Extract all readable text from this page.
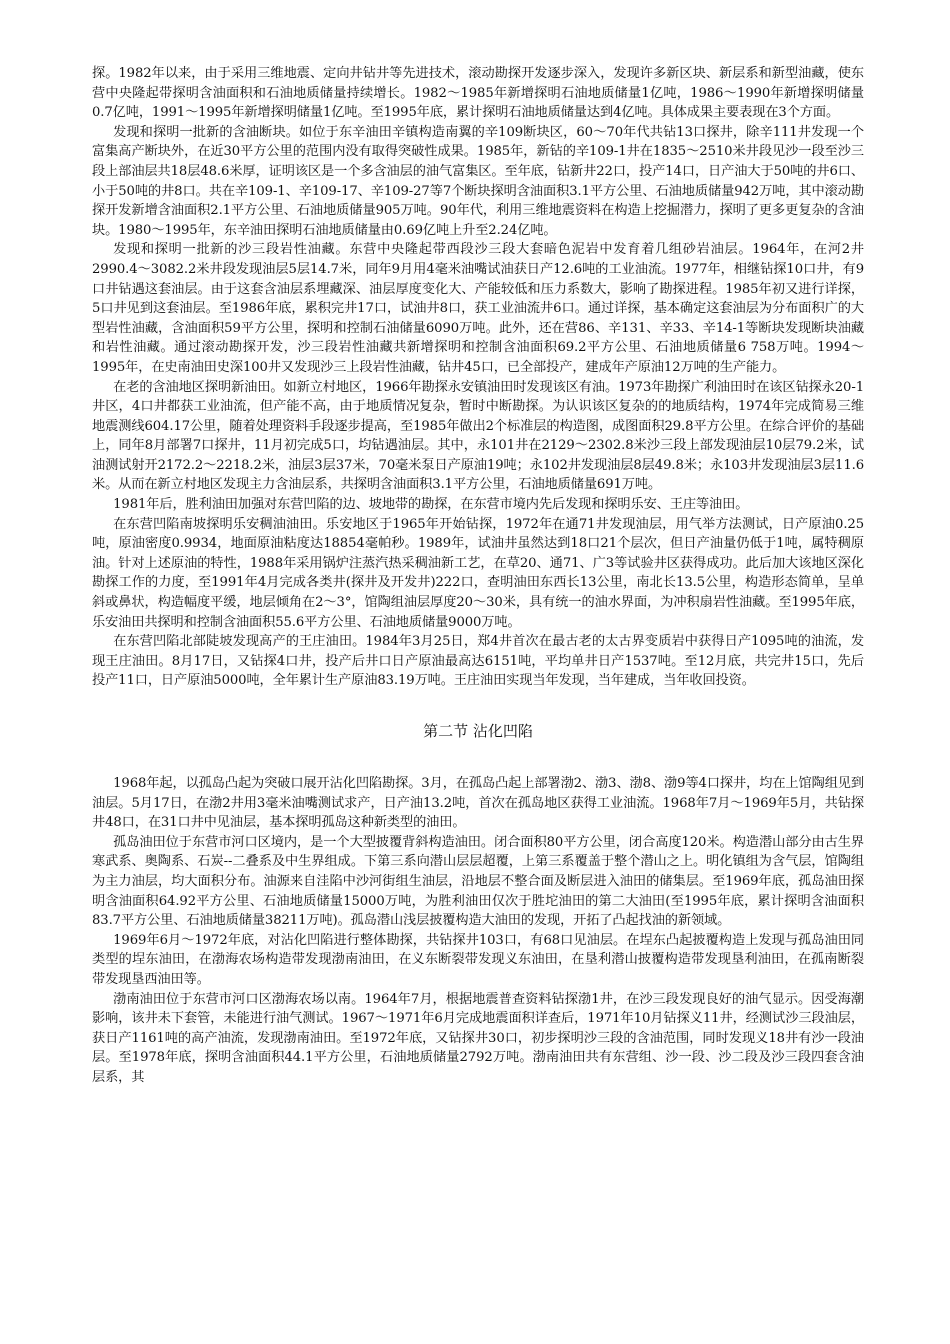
探。1982年以来，由于采用三维地震、定向井钻井等先进技术，滚动勘探开发逐步深入，发现许多新区块、新层系和新型油藏，使东营中央隆起带探明含油面积和石油地质储量持续增长。1982～1985年新增探明石油地质储量1亿吨，1986～1990年新增探明储量0.7亿吨，1991～1995年新增探明储量1亿吨。至1995年底，累计探明石油地质储量达到4亿吨。具体成果主要表现在3个方面。

发现和探明一批新的含油断块。如位于东辛油田辛镇构造南翼的辛109断块区，60～70年代共钻13口探井，除辛111井发现一个富集高产断块外，在近30平方公里的范围内没有取得突破性成果。1985年，新钻的辛109-1井在1835～2510米井段见沙一段至沙三段上部油层共18层48.6米厚，证明该区是一个多含油层的油气富集区。至年底，钻新井22口，投产14口，日产油大于50吨的井6口、小于50吨的井8口。共在辛109-1、辛109-17、辛109-27等7个断块探明含油面积3.1平方公里、石油地质储量942万吨，其中滚动勘探开发新增含油面积2.1平方公里、石油地质储量905万吨。90年代，利用三维地震资料在构造上挖掘潜力，探明了更多更复杂的含油块。1980～1995年，东辛油田探明石油地质储量由0.69亿吨上升至2.24亿吨。

发现和探明一批新的沙三段岩性油藏。东营中央隆起带西段沙三段大套暗色泥岩中发育着几组砂岩油层。1964年，在河2井2990.4～3082.2米井段发现油层5层14.7米，同年9月用4毫米油嘴试油获日产12.6吨的工业油流。1977年，相继钻探10口井，有9口井钻遇这套油层。由于这套含油层系埋藏深、油层厚度变化大、产能较低和压力系数大，影响了勘探进程。1985年初又进行详探，5口井见到这套油层。至1986年底，累积完井17口，试油井8口，获工业油流井6口。通过详探，基本确定这套油层为分布面积广的大型岩性油藏，含油面积59平方公里，探明和控制石油储量6090万吨。此外，还在营86、辛131、辛33、辛14-1等断块发现断块油藏和岩性油藏。通过滚动勘探开发，沙三段岩性油藏共新增探明和控制含油面积69.2平方公里、石油地质储量6 758万吨。1994～1995年，在史南油田史深100井又发现沙三上段岩性油藏，钻井45口，已全部投产，建成年产原油12万吨的生产能力。

在老的含油地区探明新油田。如新立村地区，1966年勘探永安镇油田时发现该区有油。1973年勘探广利油田时在该区钻探永20-1井区，4口井都获工业油流，但产能不高，由于地质情况复杂，暂时中断勘探。为认识该区复杂的的地质结构，1974年完成简易三维地震测线604.17公里，随着处理资料手段逐步提高，至1985年做出2个标准层的构造图，成图面积29.8平方公里。在综合评价的基础上，同年8月部署7口探井，11月初完成5口，均钻遇油层。其中，永101井在2129～2302.8米沙三段上部发现油层10层79.2米，试油测试射开2172.2～2218.2米，油层3层37米，70毫米泵日产原油19吨；永102井发现油层8层49.8米；永103井发现油层3层11.6米。从而在新立村地区发现主力含油层系，共探明含油面积3.1平方公里，石油地质储量691万吨。

1981年后，胜利油田加强对东营凹陷的边、坡地带的勘探，在东营市境内先后发现和探明乐安、王庄等油田。

在东营凹陷南坡探明乐安稠油油田。乐安地区于1965年开始钻探，1972年在通71井发现油层，用气举方法测试，日产原油0.25吨，原油密度0.9934，地面原油粘度达18854毫帕秒。1989年，试油井虽然达到18口21个层次，但日产油量仍低于1吨，属特稠原油。针对上述原油的特性，1988年采用锅炉注蒸汽热采稠油新工艺，在草20、通71、广3等试验井区获得成功。此后加大该地区深化勘探工作的力度，至1991年4月完成各类井(探井及开发井)222口，查明油田东西长13公里，南北长13.5公里，构造形态简单，呈单斜或鼻状，构造幅度平缓，地层倾角在2～3°，馆陶组油层厚度20～30米，具有统一的油水界面，为冲积扇岩性油藏。至1995年底，乐安油田共探明和控制含油面积55.6平方公里、石油地质储量9000万吨。

在东营凹陷北部陡坡发现高产的王庄油田。1984年3月25日，郑4井首次在最古老的太古界变质岩中获得日产1095吨的油流，发现王庄油田。8月17日，又钻探4口井，投产后井口日产原油最高达6151吨，平均单井日产1537吨。至12月底，共完井15口，先后投产11口，日产原油5000吨，全年累计生产原油83.19万吨。王庄油田实现当年发现，当年建成，当年收回投资。

第二节 沾化凹陷

1968年起，以孤岛凸起为突破口展开沾化凹陷勘探。3月，在孤岛凸起上部署渤2、渤3、渤8、渤9等4口探井，均在上馆陶组见到油层。5月17日，在渤2井用3毫米油嘴测试求产，日产油13.2吨，首次在孤岛地区获得工业油流。1968年7月～1969年5月，共钻探井48口，在31口井中见油层，基本探明孤岛这种新类型的油田。

孤岛油田位于东营市河口区境内，是一个大型披覆背斜构造油田。闭合面积80平方公里，闭合高度120米。构造潜山部分由古生界寒武系、奥陶系、石炭--二叠系及中生界组成。下第三系向潜山层层超覆，上第三系覆盖于整个潜山之上。明化镇组为含气层，馆陶组为主力油层，均大面积分布。油源来自洼陷中沙河街组生油层，沿地层不整合面及断层进入油田的储集层。至1969年底，孤岛油田探明含油面积64.92平方公里、石油地质储量15000万吨，为胜利油田仅次于胜坨油田的第二大油田(至1995年底，累计探明含油面积83.7平方公里、石油地质储量38211万吨)。孤岛潜山浅层披覆构造大油田的发现，开拓了凸起找油的新领域。

1969年6月～1972年底，对沾化凹陷进行整体勘探，共钻探井103口，有68口见油层。在埕东凸起披覆构造上发现与孤岛油田同类型的埕东油田，在渤海农场构造带发现渤南油田，在义东断裂带发现义东油田，在垦利潜山披覆构造带发现垦利油田，在孤南断裂带发现垦西油田等。

渤南油田位于东营市河口区渤海农场以南。1964年7月，根据地震普查资料钻探渤1井，在沙三段发现良好的油气显示。因受海潮影响，该井未下套管，未能进行油气测试。1967～1971年6月完成地震面积详查后，1971年10月钻探义11井，经测试沙三段油层，获日产1161吨的高产油流，发现渤南油田。至1972年底，又钻探井30口，初步探明沙三段的含油范围，同时发现义18井有沙一段油层。至1978年底，探明含油面积44.1平方公里，石油地质储量2792万吨。渤南油田共有东营组、沙一段、沙二段及沙三段四套含油层系，其
